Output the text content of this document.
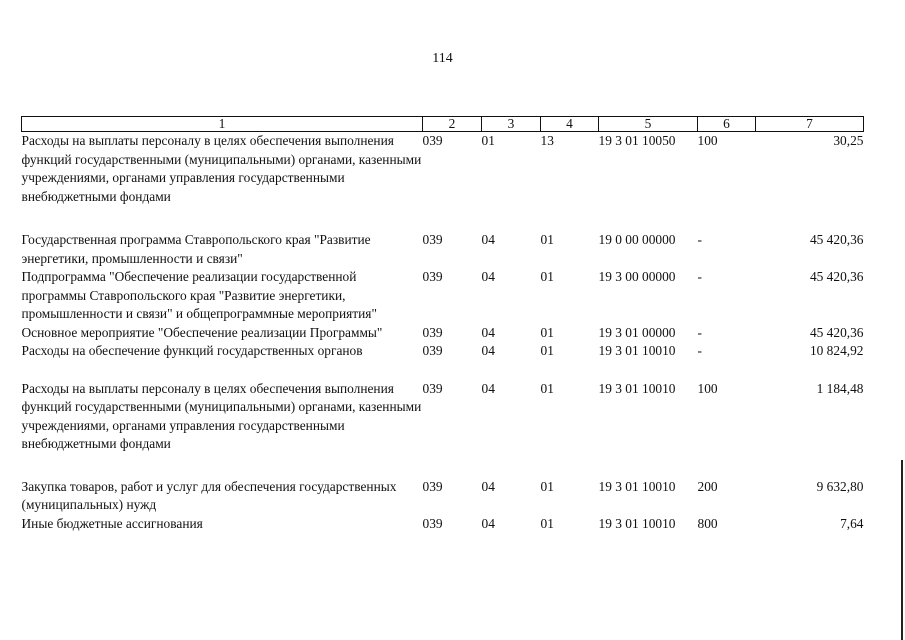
114
1	2	3	4	5	6	7
Расходы на выплаты персоналу в целях обеспечения выполнения функций государственными (муниципальными) органами, казенными учреждениями, органами управления государственными внебюджетными фондами	039	01	13	19 3 01 10050	100	30,25

Государственная программа Ставропольского края "Развитие энергетики, промышленности и связи"	039	04	01	19 0 00 00000	-	45 420,36
Подпрограмма "Обеспечение реализации государственной программы Ставропольского края "Развитие энергетики, промышленности и связи" и общепрограммные мероприятия"	039	04	01	19 3 00 00000	-	45 420,36
Основное мероприятие "Обеспечение реализации Программы"	039	04	01	19 3 01 00000	-	45 420,36
Расходы на обеспечение функций государственных органов	039	04	01	19 3 01 10010	-	10 824,92

Расходы на выплаты персоналу в целях обеспечения выполнения функций государственными (муниципальными) органами, казенными учреждениями, органами управления государственными внебюджетными фондами	039	04	01	19 3 01 10010	100	1 184,48

Закупка товаров, работ и услуг для обеспечения государственных (муниципальных) нужд	039	04	01	19 3 01 10010	200	9 632,80
Иные бюджетные ассигнования	039	04	01	19 3 01 10010	800	7,64
